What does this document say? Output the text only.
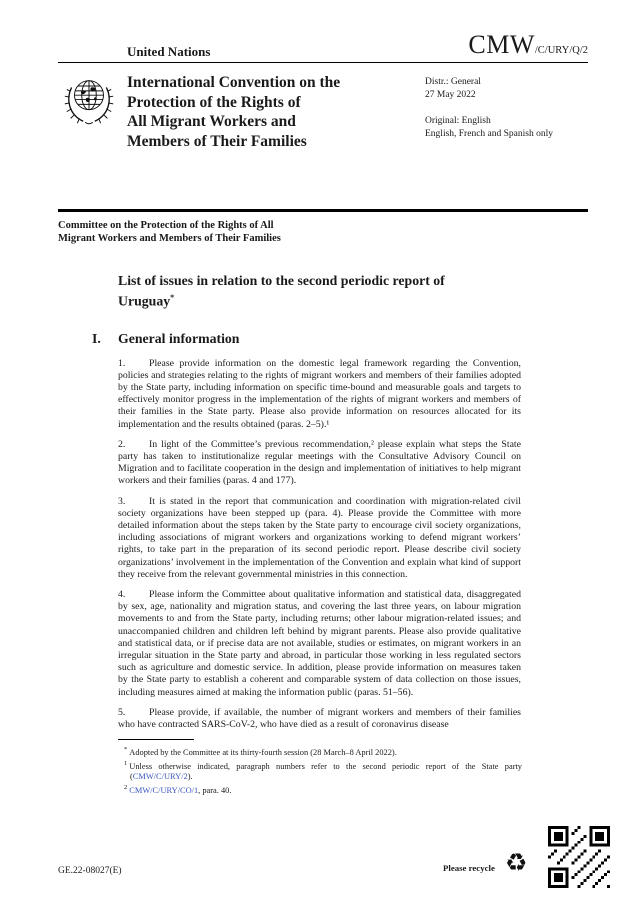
United Nations	CMW/C/URY/Q/2
International Convention on the
Protection of the Rights of
All Migrant Workers and
Members of Their Families
Distr.: General
27 May 2022
Original: English
English, French and Spanish only
Committee on the Protection of the Rights of All
Migrant Workers and Members of Their Families
List of issues in relation to the second periodic report of
Uruguay*
I. General information

1. Please provide information on the domestic legal framework regarding the Convention, policies and strategies relating to the rights of migrant workers and members of their families adopted by the State party, including information on specific time-bound and measurable goals and targets to effectively monitor progress in the implementation of the rights of migrant workers and members of their families in the State party. Please also provide information on resources allocated for its implementation and the results obtained (paras. 2–5).¹

2. In light of the Committee’s previous recommendation,² please explain what steps the State party has taken to institutionalize regular meetings with the Consultative Advisory Council on Migration and to facilitate cooperation in the design and implementation of initiatives to help migrant workers and their families (paras. 4 and 177).

3. It is stated in the report that communication and coordination with migration-related civil society organizations have been stepped up (para. 4). Please provide the Committee with more detailed information about the steps taken by the State party to encourage civil society organizations, including associations of migrant workers and organizations working to defend migrant workers’ rights, to take part in the preparation of its second periodic report. Please describe civil society organizations’ involvement in the implementation of the Convention and explain what kind of support they receive from the relevant governmental ministries in this connection.

4. Please inform the Committee about qualitative information and statistical data, disaggregated by sex, age, nationality and migration status, and covering the last three years, on labour migration movements to and from the State party, including returns; other labour migration-related issues; and unaccompanied children and children left behind by migrant parents. Please also provide qualitative and statistical data, or if precise data are not available, studies or estimates, on migrant workers in an irregular situation in the State party and abroad, in particular those working in less regulated sectors such as agriculture and domestic service. In addition, please provide information on measures taken by the State party to establish a coherent and comparable system of data collection on those issues, including measures aimed at making the information public (paras. 51–56).

5. Please provide, if available, the number of migrant workers and members of their families who have contracted SARS-CoV-2, who have died as a result of coronavirus disease

* Adopted by the Committee at its thirty-fourth session (28 March–8 April 2022).
$^1$ Unless otherwise indicated, paragraph numbers refer to the second periodic report of the State party (CMW/C/URY/2).
$^2$ CMW/C/URY/CO/1, para. 40.
GE.22-08027(E)	Please recycle ♻
